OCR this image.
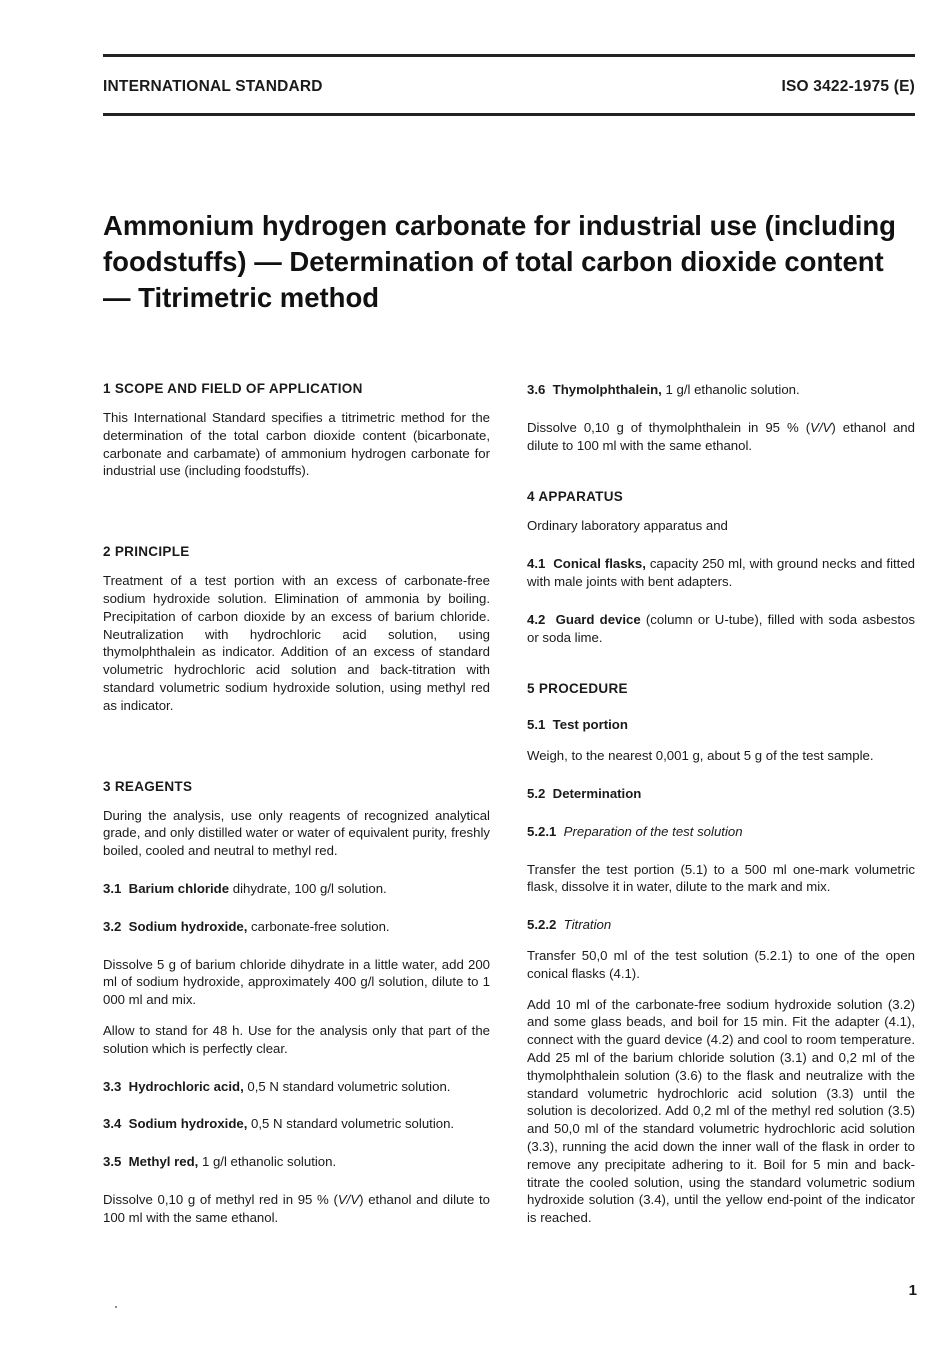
INTERNATIONAL STANDARD	ISO 3422-1975 (E)
Ammonium hydrogen carbonate for industrial use (including foodstuffs) — Determination of total carbon dioxide content — Titrimetric method
1 SCOPE AND FIELD OF APPLICATION

This International Standard specifies a titrimetric method for the determination of the total carbon dioxide content (bicarbonate, carbonate and carbamate) of ammonium hydrogen carbonate for industrial use (including foodstuffs).

2 PRINCIPLE

Treatment of a test portion with an excess of carbonate-free sodium hydroxide solution. Elimination of ammonia by boiling. Precipitation of carbon dioxide by an excess of barium chloride. Neutralization with hydrochloric acid solution, using thymolphthalein as indicator. Addition of an excess of standard volumetric hydrochloric acid solution and back-titration with standard volumetric sodium hydroxide solution, using methyl red as indicator.

3 REAGENTS

During the analysis, use only reagents of recognized analytical grade, and only distilled water or water of equivalent purity, freshly boiled, cooled and neutral to methyl red.

3.1 Barium chloride dihydrate, 100 g/l solution.

3.2 Sodium hydroxide, carbonate-free solution.

Dissolve 5 g of barium chloride dihydrate in a little water, add 200 ml of sodium hydroxide, approximately 400 g/l solution, dilute to 1 000 ml and mix.

Allow to stand for 48 h. Use for the analysis only that part of the solution which is perfectly clear.

3.3 Hydrochloric acid, 0,5 N standard volumetric solution.

3.4 Sodium hydroxide, 0,5 N standard volumetric solution.

3.5 Methyl red, 1 g/l ethanolic solution.

Dissolve 0,10 g of methyl red in 95 % (V/V) ethanol and dilute to 100 ml with the same ethanol.

3.6 Thymolphthalein, 1 g/l ethanolic solution.

Dissolve 0,10 g of thymolphthalein in 95 % (V/V) ethanol and dilute to 100 ml with the same ethanol.

4 APPARATUS

Ordinary laboratory apparatus and

4.1 Conical flasks, capacity 250 ml, with ground necks and fitted with male joints with bent adapters.

4.2 Guard device (column or U-tube), filled with soda asbestos or soda lime.

5 PROCEDURE
5.1 Test portion

Weigh, to the nearest 0,001 g, about 5 g of the test sample.

5.2 Determination

5.2.1 Preparation of the test solution

Transfer the test portion (5.1) to a 500 ml one-mark volumetric flask, dissolve it in water, dilute to the mark and mix.

5.2.2 Titration

Transfer 50,0 ml of the test solution (5.2.1) to one of the open conical flasks (4.1).

Add 10 ml of the carbonate-free sodium hydroxide solution (3.2) and some glass beads, and boil for 15 min. Fit the adapter (4.1), connect with the guard device (4.2) and cool to room temperature. Add 25 ml of the barium chloride solution (3.1) and 0,2 ml of the thymolphthalein solution (3.6) to the flask and neutralize with the standard volumetric hydrochloric acid solution (3.3) until the solution is decolorized. Add 0,2 ml of the methyl red solution (3.5) and 50,0 ml of the standard volumetric hydrochloric acid solution (3.3), running the acid down the inner wall of the flask in order to remove any precipitate adhering to it. Boil for 5 min and back-titrate the cooled solution, using the standard volumetric sodium hydroxide solution (3.4), until the yellow end-point of the indicator is reached.

1
